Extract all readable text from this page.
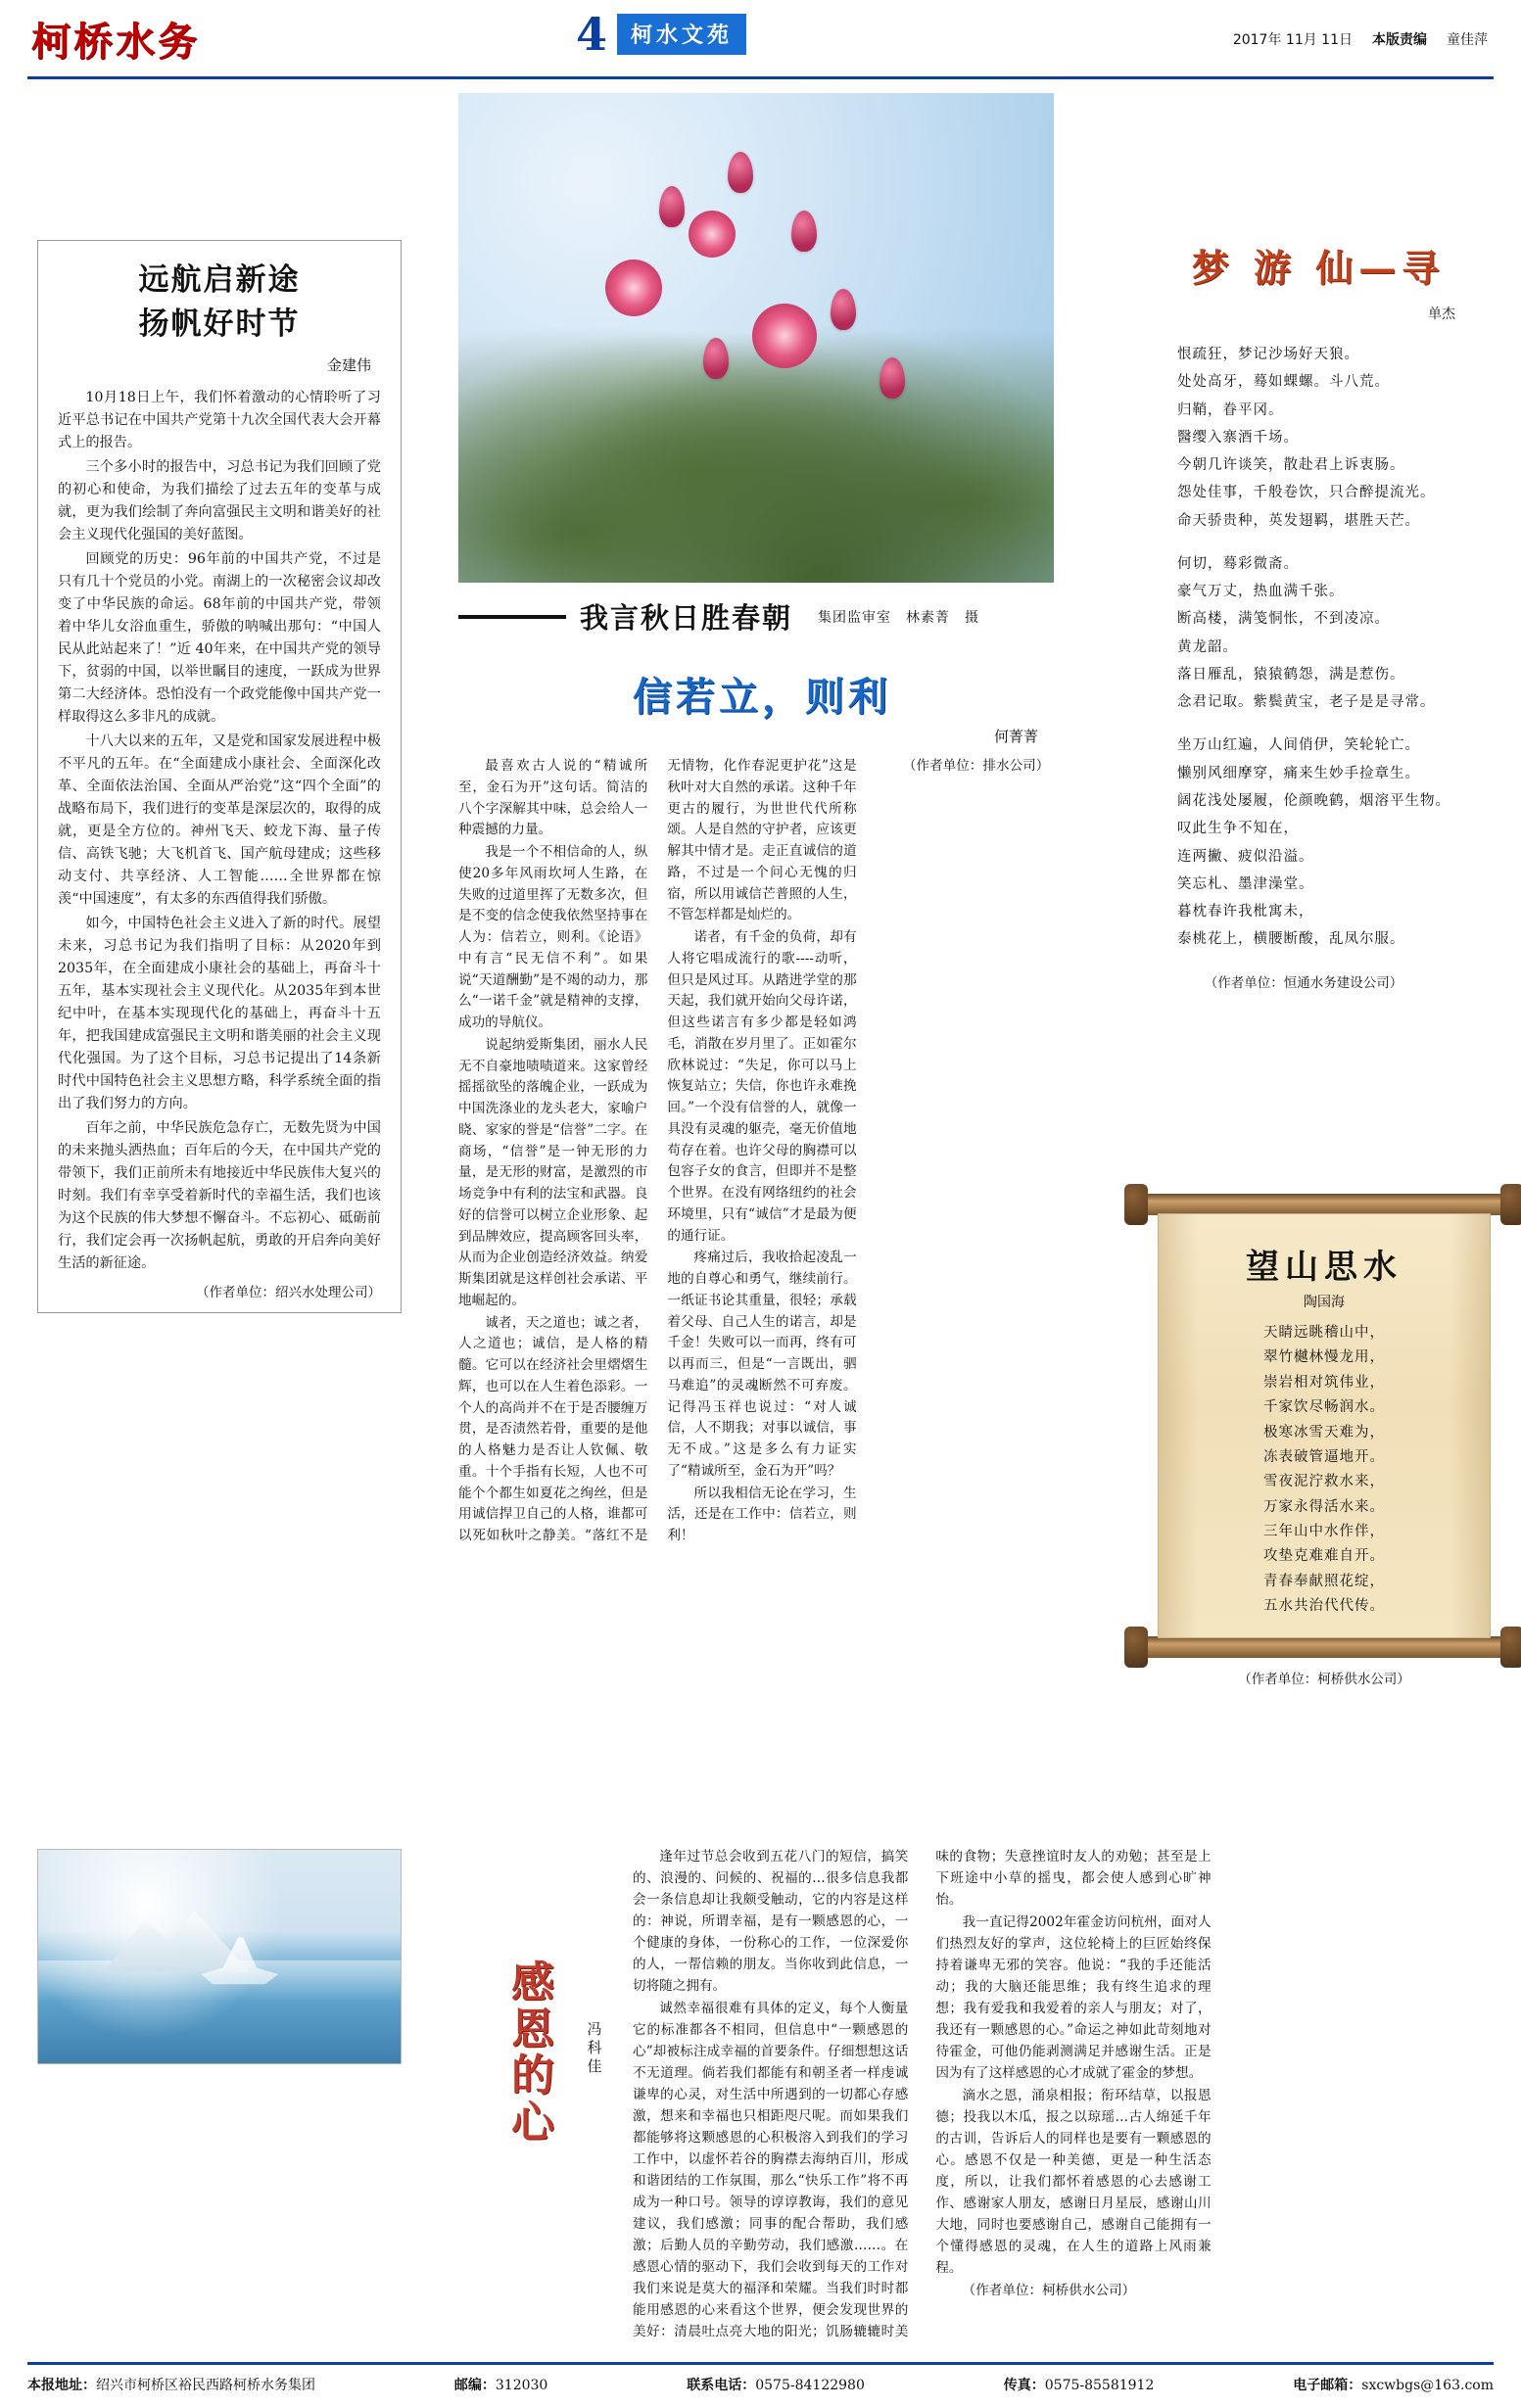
柯桥水务	4	柯水文苑	2017年 11月 11日 本版责编 童佳萍
远航启新途
扬帆好时节
金建伟

10月18日上午，我们怀着激动的心情聆听了习近平总书记在中国共产党第十九次全国代表大会开幕式上的报告。

三个多小时的报告中，习总书记为我们回顾了党的初心和使命，为我们描绘了过去五年的变革与成就，更为我们绘制了奔向富强民主文明和谐美好的社会主义现代化强国的美好蓝图。

回顾党的历史：96年前的中国共产党，不过是只有几十个党员的小党。南湖上的一次秘密会议却改变了中华民族的命运。68年前的中国共产党，带领着中华儿女浴血重生，骄傲的呐喊出那句：“中国人民从此站起来了！”近 40年来，在中国共产党的领导下，贫弱的中国，以举世瞩目的速度，一跃成为世界第二大经济体。恐怕没有一个政党能像中国共产党一样取得这么多非凡的成就。

十八大以来的五年，又是党和国家发展进程中极不平凡的五年。在“全面建成小康社会、全面深化改革、全面依法治国、全面从严治党”这“四个全面”的战略布局下，我们进行的变革是深层次的，取得的成就，更是全方位的。神州飞天、蛟龙下海、量子传信、高铁飞驰；大飞机首飞、国产航母建成；这些移动支付、共享经济、人工智能……全世界都在惊羡“中国速度”，有太多的东西值得我们骄傲。

如今，中国特色社会主义进入了新的时代。展望未来，习总书记为我们指明了目标：从2020年到2035年，在全面建成小康社会的基础上，再奋斗十五年，基本实现社会主义现代化。从2035年到本世纪中叶，在基本实现现代化的基础上，再奋斗十五年，把我国建成富强民主文明和谐美丽的社会主义现代化强国。为了这个目标，习总书记提出了14条新时代中国特色社会主义思想方略，科学系统全面的指出了我们努力的方向。

百年之前，中华民族危急存亡，无数先贤为中国的未来抛头洒热血；百年后的今天，在中国共产党的带领下，我们正前所未有地接近中华民族伟大复兴的时刻。我们有幸享受着新时代的幸福生活，我们也该为这个民族的伟大梦想不懈奋斗。不忘初心、砥砺前行，我们定会再一次扬帆起航，勇敢的开启奔向美好生活的新征途。

（作者单位：绍兴水处理公司）
我言秋日胜春朝 集团监审室　林素菁　摄
信若立，则利
何菁菁

最喜欢古人说的“精诚所至，金石为开”这句话。简洁的八个字深解其中味，总会给人一种震撼的力量。

我是一个不相信命的人，纵使20多年风雨坎坷人生路，在失败的过道里挥了无数多次，但是不变的信念使我依然坚持事在人为：信若立，则利。《论语》中有言“民无信不利”。如果说“天道酬勤”是不竭的动力，那么“一诺千金”就是精神的支撑，成功的导航仪。

说起纳爱斯集团，丽水人民无不自豪地啧啧道来。这家曾经摇摇欲坠的落魄企业，一跃成为中国洗涤业的龙头老大，家喻户晓、家家的誉是“信誉”二字。在商场，“信誉”是一钟无形的力量，是无形的财富，是激烈的市场竞争中有利的法宝和武器。良好的信誉可以树立企业形象、起到品牌效应，提高顾客回头率，从而为企业创造经济效益。纳爱斯集团就是这样创社会承诺、平地崛起的。

诚者，天之道也；诚之者，人之道也；诚信，是人格的精髓。它可以在经济社会里熠熠生辉，也可以在人生着色添彩。一个人的高尚并不在于是否腰缠万贯，是否渍然若骨，重要的是他的人格魅力是否让人钦佩、敬重。十个手指有长短，人也不可能个个都生如夏花之绚丝，但是用诚信捍卫自己的人格，谁都可以死如秋叶之静美。“落红不是无情物，化作春泥更护花”这是秋叶对大自然的承诺。这种千年更古的履行，为世世代代所称颂。人是自然的守护者，应该更解其中情才是。走正直诚信的道路，不过是一个问心无愧的归宿，所以用诚信芒普照的人生，不管怎样都是灿烂的。

诺者，有千金的负荷，却有人将它唱成流行的歌----动听，但只是风过耳。从踏进学堂的那天起，我们就开始向父母许诺，但这些诺言有多少都是轻如鸿毛，消散在岁月里了。正如霍尔欣林说过：“失足，你可以马上恢复站立；失信，你也许永难挽回。”一个没有信誉的人，就像一具没有灵魂的躯壳，毫无价值地苟存在着。也许父母的胸襟可以包容子女的食言，但即并不是整个世界。在没有网络纽约的社会环境里，只有“诚信”才是最为便的通行证。

疼痛过后，我收拾起凌乱一地的自尊心和勇气，继续前行。一纸证书论其重量，很轻；承载着父母、自己人生的诺言，却是千金！失败可以一而再，终有可以再而三，但是“一言既出，驷马难追”的灵魂断然不可弃废。记得冯玉祥也说过：“对人诚信，人不期我；对事以诚信，事无不成。”这是多么有力证实了“精诚所至，金石为开”吗？

所以我相信无论在学习，生活，还是在工作中：信若立，则利！

（作者单位：排水公司）

梦 游 仙—寻
单杰
恨疏狂，梦记沙场好天狼。
处处高牙，蓦如蜾螺。斗八荒。
归鞘，眷平冈。
醫缨入寨酒千场。
今朝几许谈笑，散赴君上诉衷肠。
怨处佳事，千般卷饮，只合醉提流光。
命天骄贵种，英发翅羁，堪胜天芒。
何切，蓦彩微斋。
豪气万丈，热血满千张。
断高楼，满笺恫怅，不到凌凉。
黄龙韶。
落日雁乱，猿猿鹤怨，满是惹伤。
念君记取。紫鬓黄宝，老子是是寻常。
坐万山红遍，人间俏伊，笑轮轮亡。
懒别风细摩穿，痛来生妙手捡章生。
阔花浅处屡履，伦颜晚鹤，烟溶平生物。
叹此生争不知在，
连两撇、疲似沿溢。
笑忘札、墨津澡堂。
暮枕春许我枇寓未，
泰桃花上，横腰断酸，乱凤尔服。
（作者单位：恒通水务建设公司）
望山思水
陶国海
天睛远眺稽山中，
翠竹樾林慢龙用，
崇岩相对筑伟业，
千家饮尽畅润水。
极寒冰雪天难为，
冻表破管逼地开。
雪夜泥泞救水来，
万家永得活水来。
三年山中水作伴，
攻垫克难难自开。
青春奉献照花绽，
五水共治代代传。
（作者单位：柯桥供水公司）
感恩的心
冯科佳

逢年过节总会收到五花八门的短信，搞笑的、浪漫的、问候的、祝福的…很多信息我都会一条信息却让我颇受触动，它的内容是这样的：神说，所谓幸福，是有一颗感恩的心，一个健康的身体，一份称心的工作，一位深爱你的人，一帮信赖的朋友。当你收到此信息，一切将随之拥有。

诚然幸福很难有具体的定义，每个人衡量它的标准都各不相同，但信息中“一颗感恩的心”却被标注成幸福的首要条件。仔细想想这话不无道理。倘若我们都能有和朝圣者一样虔诚谦卑的心灵，对生活中所遇到的一切都心存感激，想来和幸福也只相距咫尺呢。而如果我们都能够将这颗感恩的心积极溶入到我们的学习工作中，以虚怀若谷的胸襟去海纳百川，形成和谐团结的工作氛围，那么“快乐工作”将不再成为一种口号。领导的谆谆教诲，我们的意见建议，我们感激；同事的配合帮助，我们感激；后勤人员的辛勤劳动，我们感激……。在感恩心情的驱动下，我们会收到每天的工作对我们来说是莫大的福泽和荣耀。当我们时时都能用感恩的心来看这个世界，便会发现世界的美好：清晨吐点亮大地的阳光；饥肠辘辘时美味的食物；失意挫谊时友人的劝勉；甚至是上下班途中小草的摇曳，都会使人感到心旷神怡。

我一直记得2002年霍金访问杭州，面对人们热烈友好的掌声，这位轮椅上的巨匠始终保持着谦卑无邪的笑容。他说：“我的手还能活动；我的大脑还能思维；我有终生追求的理想；我有爱我和我爱着的亲人与朋友；对了，我还有一颗感恩的心。”命运之神如此苛刻地对待霍金，可他仍能剥测满足并感谢生活。正是因为有了这样感恩的心才成就了霍金的梦想。

滴水之恩，涌泉相报；衔环结草，以报恩德；投我以木瓜，报之以琼瑶…古人绵延千年的古训，告诉后人的同样也是要有一颗感恩的心。感恩不仅是一种美德，更是一种生活态度，所以，让我们都怀着感恩的心去感谢工作、感谢家人朋友，感谢日月星辰，感谢山川大地，同时也要感谢自己，感谢自己能拥有一个懂得感恩的灵魂，在人生的道路上风雨兼程。

（作者单位：柯桥供水公司）

本报地址：绍兴市柯桥区裕民西路柯桥水务集团	邮编：312030	联系电话：0575-84122980	传真：0575-85581912	电子邮箱：sxcwbgs@163.com
